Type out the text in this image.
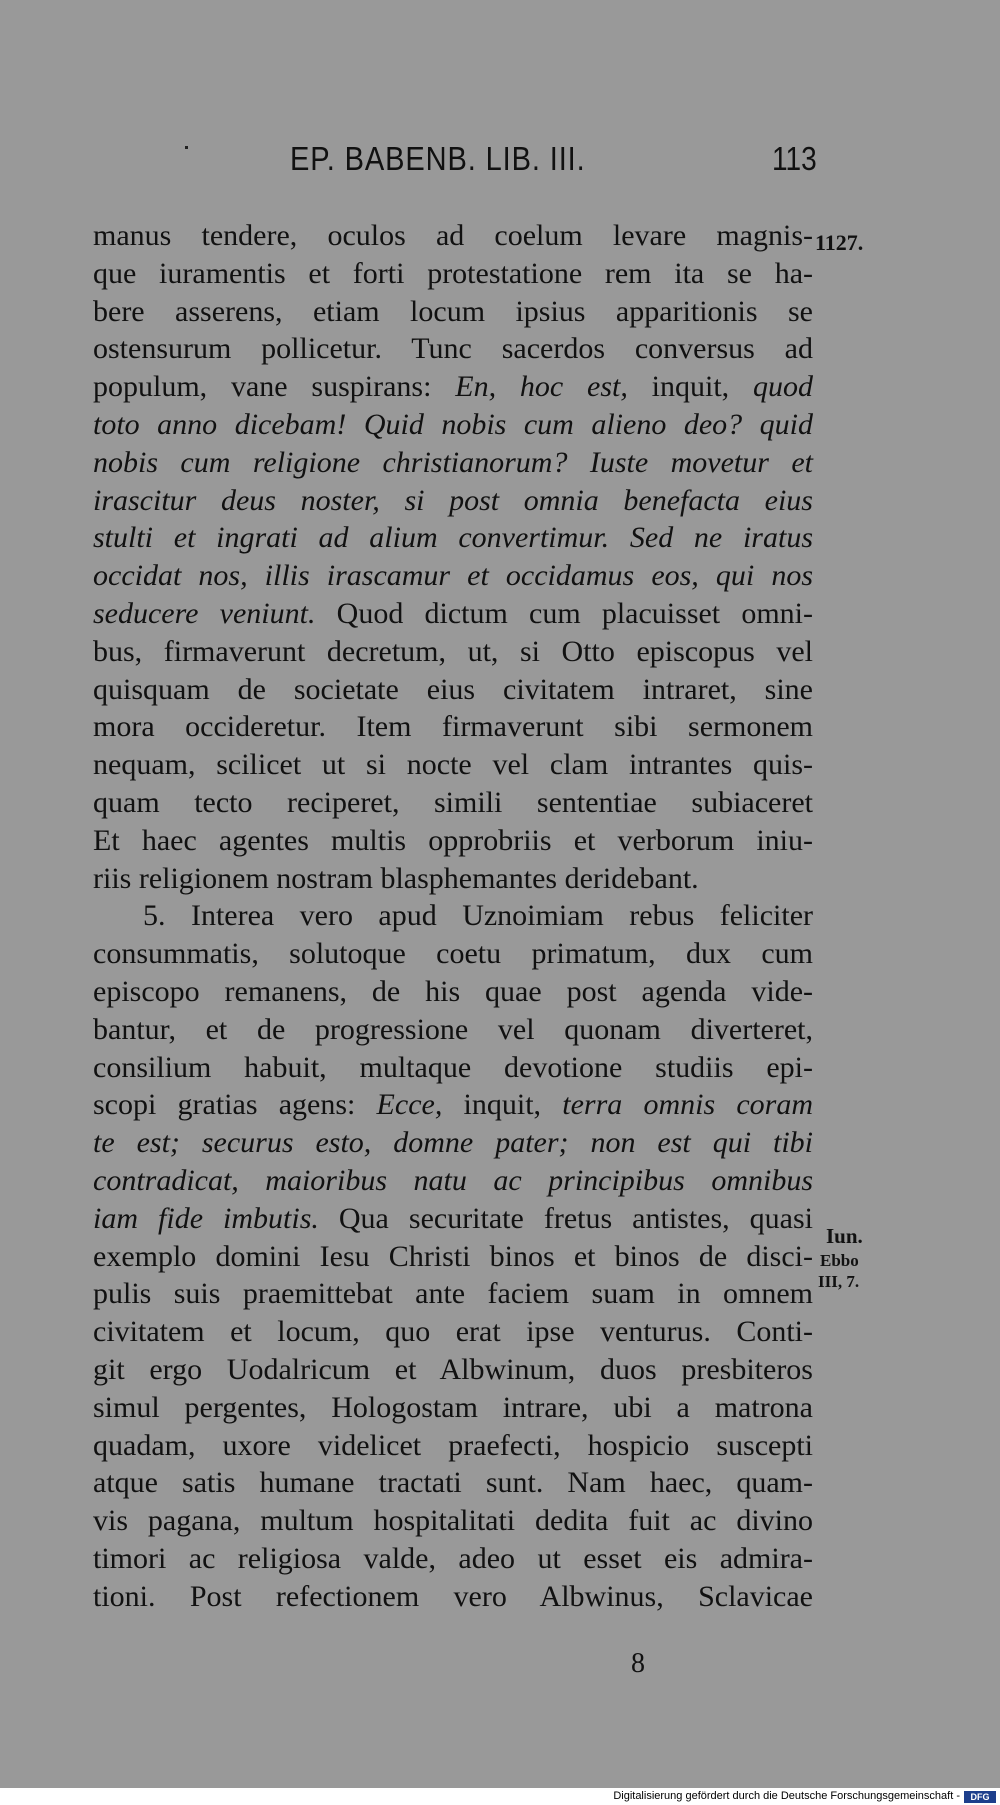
EP. BABENB. LIB. III.	113
manus tendere, oculos ad coelum levare magnis-
que iuramentis et forti protestatione rem ita se ha-
bere asserens, etiam locum ipsius apparitionis se
ostensurum pollicetur. Tunc sacerdos conversus ad
populum, vane suspirans: En, hoc est, inquit, quod
toto anno dicebam! Quid nobis cum alieno deo? quid
nobis cum religione christianorum? Iuste movetur et
irascitur deus noster, si post omnia benefacta eius
stulti et ingrati ad alium convertimur. Sed ne iratus
occidat nos, illis irascamur et occidamus eos, qui nos
seducere veniunt. Quod dictum cum placuisset omni-
bus, firmaverunt decretum, ut, si Otto episcopus vel
quisquam de societate eius civitatem intraret, sine
mora occideretur. Item firmaverunt sibi sermonem
nequam, scilicet ut si nocte vel clam intrantes quis-
quam tecto reciperet, simili sententiae subiaceret
Et haec agentes multis opprobriis et verborum iniu-
riis religionem nostram blasphemantes deridebant.
5. Interea vero apud Uznoimiam rebus feliciter
consummatis, solutoque coetu primatum, dux cum
episcopo remanens, de his quae post agenda vide-
bantur, et de progressione vel quonam diverteret,
consilium habuit, multaque devotione studiis epi-
scopi gratias agens: Ecce, inquit, terra omnis coram
te est; securus esto, domne pater; non est qui tibi
contradicat, maioribus natu ac principibus omnibus
iam fide imbutis. Qua securitate fretus antistes, quasi
exemplo domini Iesu Christi binos et binos de disci-
pulis suis praemittebat ante faciem suam in omnem
civitatem et locum, quo erat ipse venturus. Conti-
git ergo Uodalricum et Albwinum, duos presbiteros
simul pergentes, Hologostam intrare, ubi a matrona
quadam, uxore videlicet praefecti, hospicio suscepti
atque satis humane tractati sunt. Nam haec, quam-
vis pagana, multum hospitalitati dedita fuit ac divino
timori ac religiosa valde, adeo ut esset eis admira-
tioni. Post refectionem vero Albwinus, Sclavicae
1127.
Iun.
Ebbo
III, 7.
8
Digitalisierung gefördert durch die Deutsche Forschungsgemeinschaft -	DFG
